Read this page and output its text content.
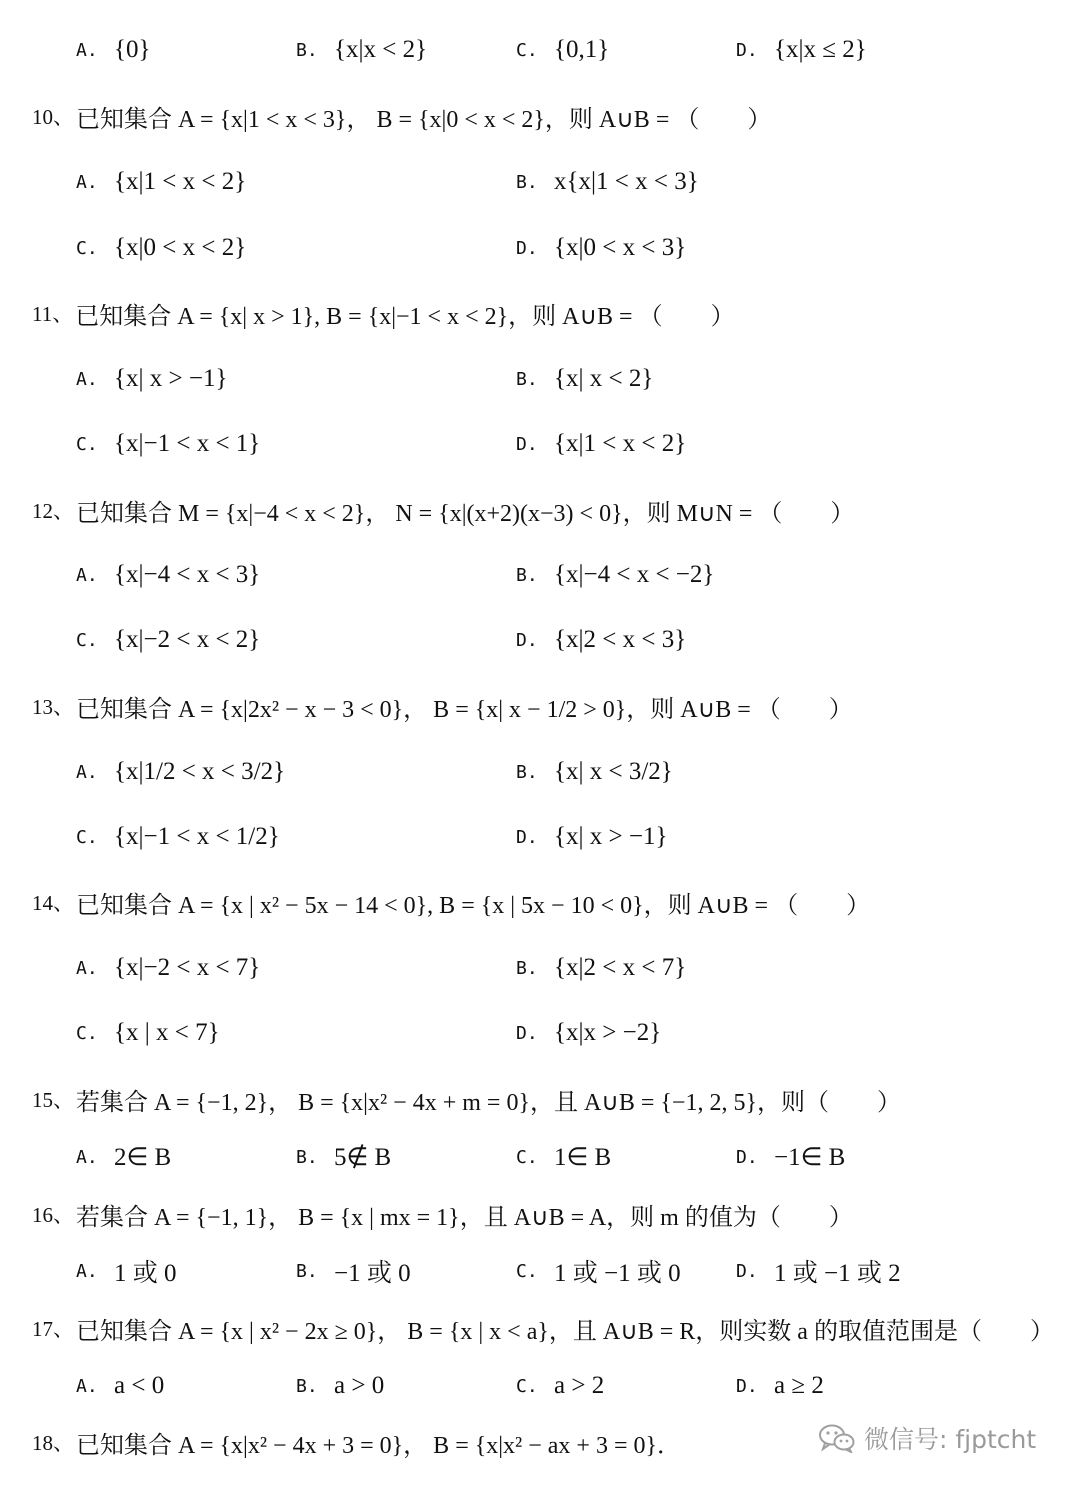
A. {0}	B. {x|x < 2}	C. {0,1}	D. {x|x ≤ 2}
10、 已知集合 A = {x|1 < x < 3}， B = {x|0 < x < 2}，则 A∪B = （　　）
A. {x|1 < x < 2}	B. x{x|1 < x < 3}
C. {x|0 < x < 2}	D. {x|0 < x < 3}
11、 已知集合 A = {x| x > 1}, B = {x|−1 < x < 2}，则 A∪B = （　　）
A. {x| x > −1}	B. {x| x < 2}
C. {x|−1 < x < 1}	D. {x|1 < x < 2}
12、 已知集合 M = {x|−4 < x < 2}， N = {x|(x+2)(x−3) < 0}，则 M∪N = （　　）
A. {x|−4 < x < 3}	B. {x|−4 < x < −2}
C. {x|−2 < x < 2}	D. {x|2 < x < 3}
13、 已知集合 A = {x|2x² − x − 3 < 0}， B = {x| x − 1/2 > 0}，则 A∪B = （　　）
A. {x|1/2 < x < 3/2}	B. {x| x < 3/2}
C. {x|−1 < x < 1/2}	D. {x| x > −1}
14、 已知集合 A = {x | x² − 5x − 14 < 0}, B = {x | 5x − 10 < 0}，则 A∪B = （　　）
A. {x|−2 < x < 7}	B. {x|2 < x < 7}
C. {x | x < 7}	D. {x|x > −2}
15、 若集合 A = {−1, 2}， B = {x|x² − 4x + m = 0}，且 A∪B = {−1, 2, 5}，则（　　）
A. 2∈ B	B. 5∉ B	C. 1∈ B	D. −1∈ B
16、 若集合 A = {−1, 1}， B = {x | mx = 1}，且 A∪B = A，则 m 的值为（　　）
A. 1 或 0	B. −1 或 0	C. 1 或 −1 或 0	D. 1 或 −1 或 2
17、 已知集合 A = {x | x² − 2x ≥ 0}， B = {x | x < a}，且 A∪B = R，则实数 a 的取值范围是（　　）
A. a < 0	B. a > 0	C. a > 2	D. a ≥ 2
18、 已知集合 A = {x|x² − 4x + 3 = 0}， B = {x|x² − ax + 3 = 0}．	微信号: fjptcht
